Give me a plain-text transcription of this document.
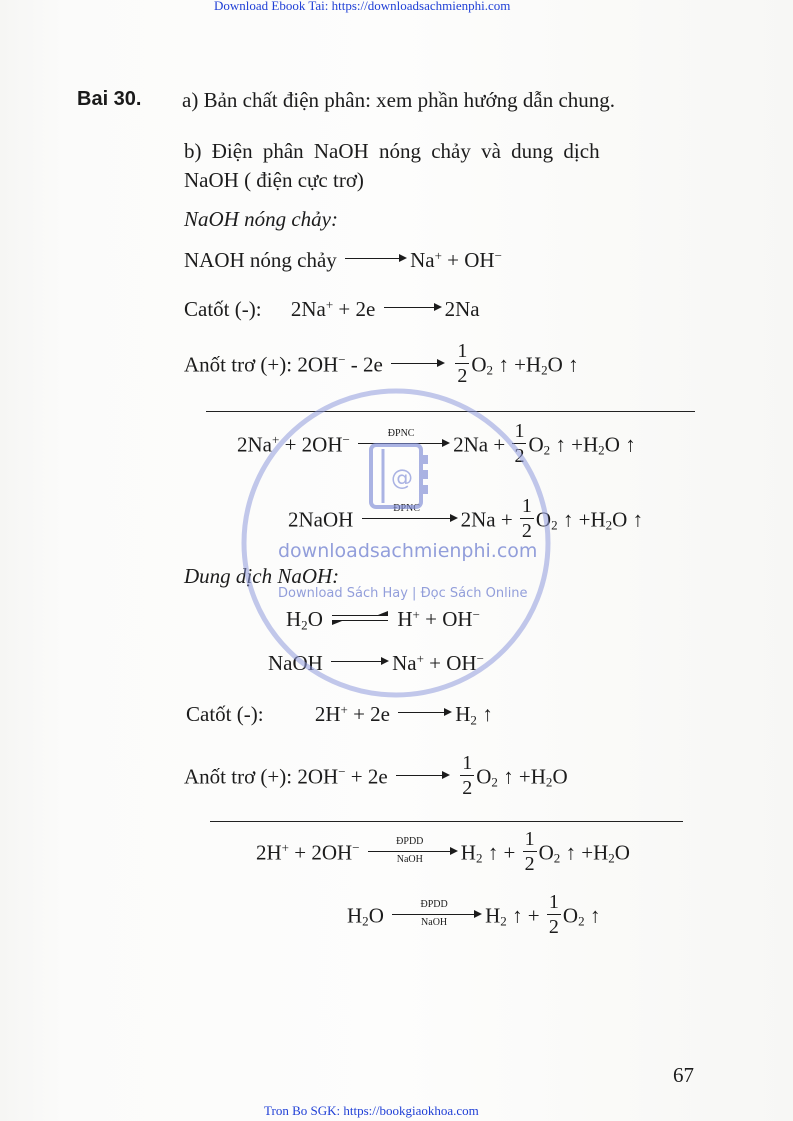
Download Ebook Tai: https://downloadsachmienphi.com
Bai 30. a) Bản chất điện phân: xem phần hướng dẫn chung.
b) Điện phân NaOH nóng chảy và dung dịch
NaOH ( điện cực trơ)
NaOH nóng chảy:
NAOH nóng chảy	Na+ + OH−
Catốt (-): 2Na+ + 2e	2Na
Anốt trơ (+): 2OH− - 2e
	$\frac{1}{2} O_2$ ↑ $+H_2O$ ↑
2Na+ + 2OH−	ĐPNC	$2Na + \frac{1}{2} O_2$ ↑ $+H_2O$ ↑
2NaOH	ĐPNC	$2Na + \frac{1}{2} O_2$ ↑ $+H_2O$ ↑
Dung dịch NaOH:
$H_2O$	H+ + OH−
NaOH	Na+ + OH−
Catốt (-): 2H+ + 2e	$H_2$ ↑
Anốt trơ (+): 2OH− + 2e
	$\frac{1}{2} O_2$ ↑ $+H_2O$
2H+ + 2OH−	ĐPDD
NaOH	$H_2$ ↑ + $\frac{1}{2} O_2$ ↑ $+H_2O$
$H_2O$	ĐPDD
NaOH	$H_2$ ↑ + $\frac{1}{2} O_2$ ↑
67
Tron Bo SGK: https://bookgiaokhoa.com
@
downloadsachmienphi.com
Download Sách Hay | Đọc Sách Online
